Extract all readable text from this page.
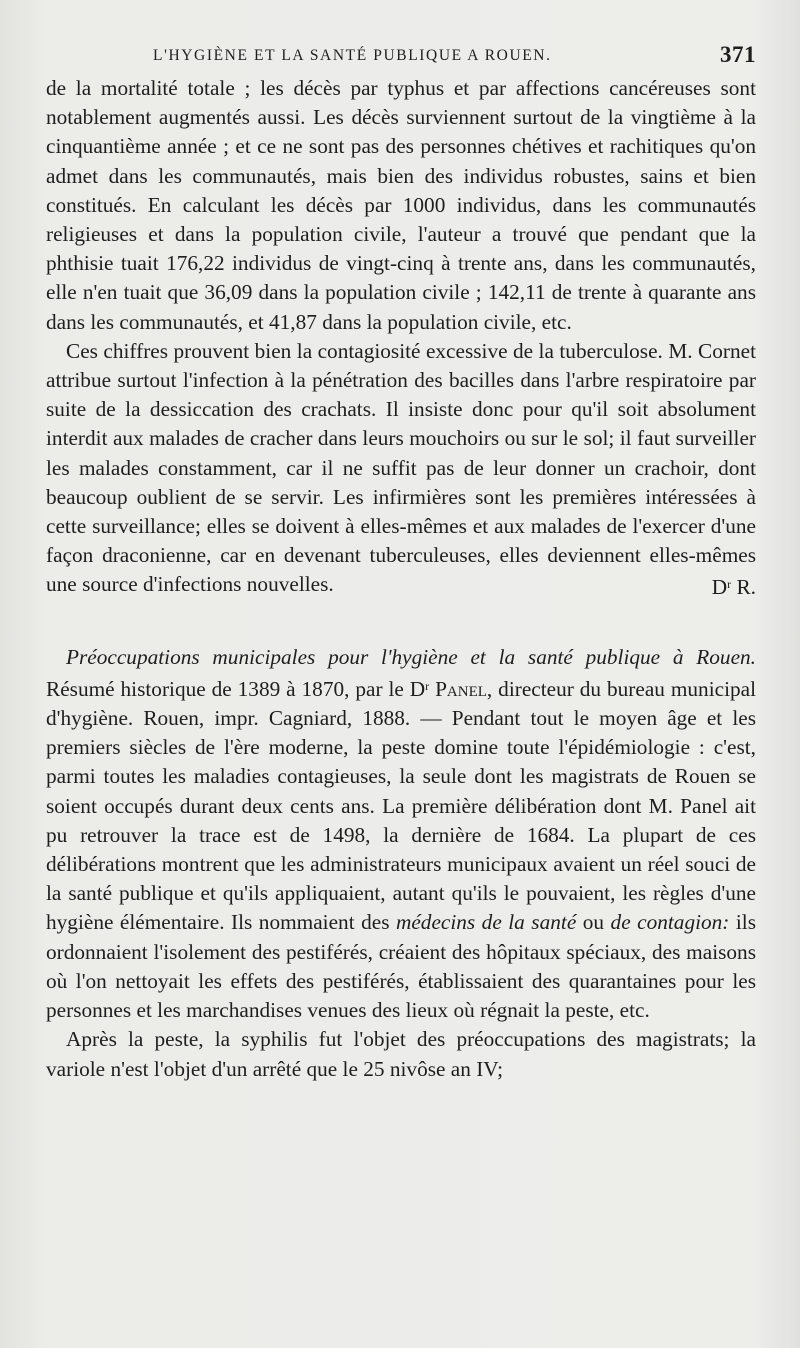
L'HYGIÈNE ET LA SANTÉ PUBLIQUE A ROUEN.	371

de la mortalité totale ; les décès par typhus et par affections cancéreuses sont notablement augmentés aussi. Les décès surviennent surtout de la vingtième à la cinquantième année ; et ce ne sont pas des personnes chétives et rachitiques qu'on admet dans les communautés, mais bien des individus robustes, sains et bien constitués. En calculant les décès par 1000 individus, dans les communautés religieuses et dans la population civile, l'auteur a trouvé que pendant que la phthisie tuait 176,22 individus de vingt-cinq à trente ans, dans les communautés, elle n'en tuait que 36,09 dans la population civile ; 142,11 de trente à quarante ans dans les communautés, et 41,87 dans la population civile, etc.

Ces chiffres prouvent bien la contagiosité excessive de la tuberculose. M. Cornet attribue surtout l'infection à la pénétration des bacilles dans l'arbre respiratoire par suite de la dessiccation des crachats. Il insiste donc pour qu'il soit absolument interdit aux malades de cracher dans leurs mouchoirs ou sur le sol; il faut surveiller les malades constamment, car il ne suffit pas de leur donner un crachoir, dont beaucoup oublient de se servir. Les infirmières sont les premières intéressées à cette surveillance; elles se doivent à elles-mêmes et aux malades de l'exercer d'une façon draconienne, car en devenant tuberculeuses, elles deviennent elles-mêmes une source d'infections nouvelles.	$D^r$ R.

Préoccupations municipales pour l'hygiène et la santé publique à Rouen. Résumé historique de 1389 à 1870, par le $D^r$ Panel, directeur du bureau municipal d'hygiène. Rouen, impr. Cagniard, 1888. — Pendant tout le moyen âge et les premiers siècles de l'ère moderne, la peste domine toute l'épidémiologie : c'est, parmi toutes les maladies contagieuses, la seule dont les magistrats de Rouen se soient occupés durant deux cents ans. La première délibération dont M. Panel ait pu retrouver la trace est de 1498, la dernière de 1684. La plupart de ces délibérations montrent que les administrateurs municipaux avaient un réel souci de la santé publique et qu'ils appliquaient, autant qu'ils le pouvaient, les règles d'une hygiène élémentaire. Ils nommaient des médecins de la santé ou de contagion: ils ordonnaient l'isolement des pestiférés, créaient des hôpitaux spéciaux, des maisons où l'on nettoyait les effets des pestiférés, établissaient des quarantaines pour les personnes et les marchandises venues des lieux où régnait la peste, etc.

Après la peste, la syphilis fut l'objet des préoccupations des magistrats; la variole n'est l'objet d'un arrêté que le 25 nivôse an IV;
